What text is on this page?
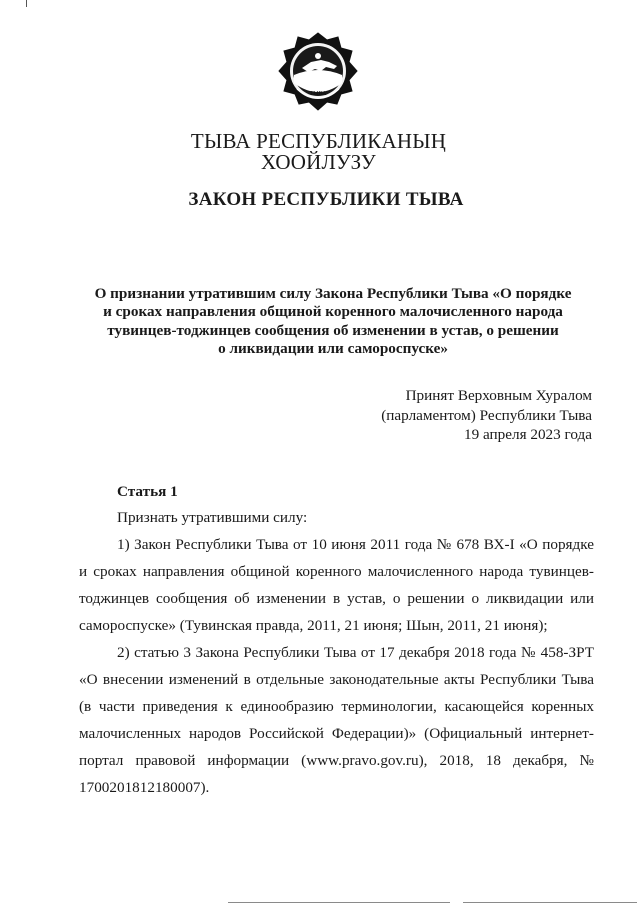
ТЫВА
ТЫВА РЕСПУБЛИКАНЫҢ
ХООЙЛУЗУ
ЗАКОН РЕСПУБЛИКИ ТЫВА
О признании утратившим силу Закона Республики Тыва «О порядке
и сроках направления общиной коренного малочисленного народа
тувинцев-тоджинцев сообщения об изменении в устав, о решении
о ликвидации или самороспуске»
Принят Верховным Хуралом
(парламентом) Республики Тыва
19 апреля 2023 года
Статья 1

Признать утратившими силу:

1) Закон Республики Тыва от 10 июня 2011 года № 678 ВХ-I «О порядке и сроках направления общиной коренного малочисленного народа тувинцев-тоджинцев сообщения об изменении в устав, о решении о ликвидации или самороспуске» (Тувинская правда, 2011, 21 июня; Шын, 2011, 21 июня);

2) статью 3 Закона Республики Тыва от 17 декабря 2018 года № 458-ЗРТ «О внесении изменений в отдельные законодательные акты Республики Тыва (в части приведения к единообразию терминологии, касающейся коренных малочисленных народов Российской Федерации)» (Официальный интернет-портал правовой информации (www.pravo.gov.ru), 2018, 18 декабря, № 1700201812180007).
